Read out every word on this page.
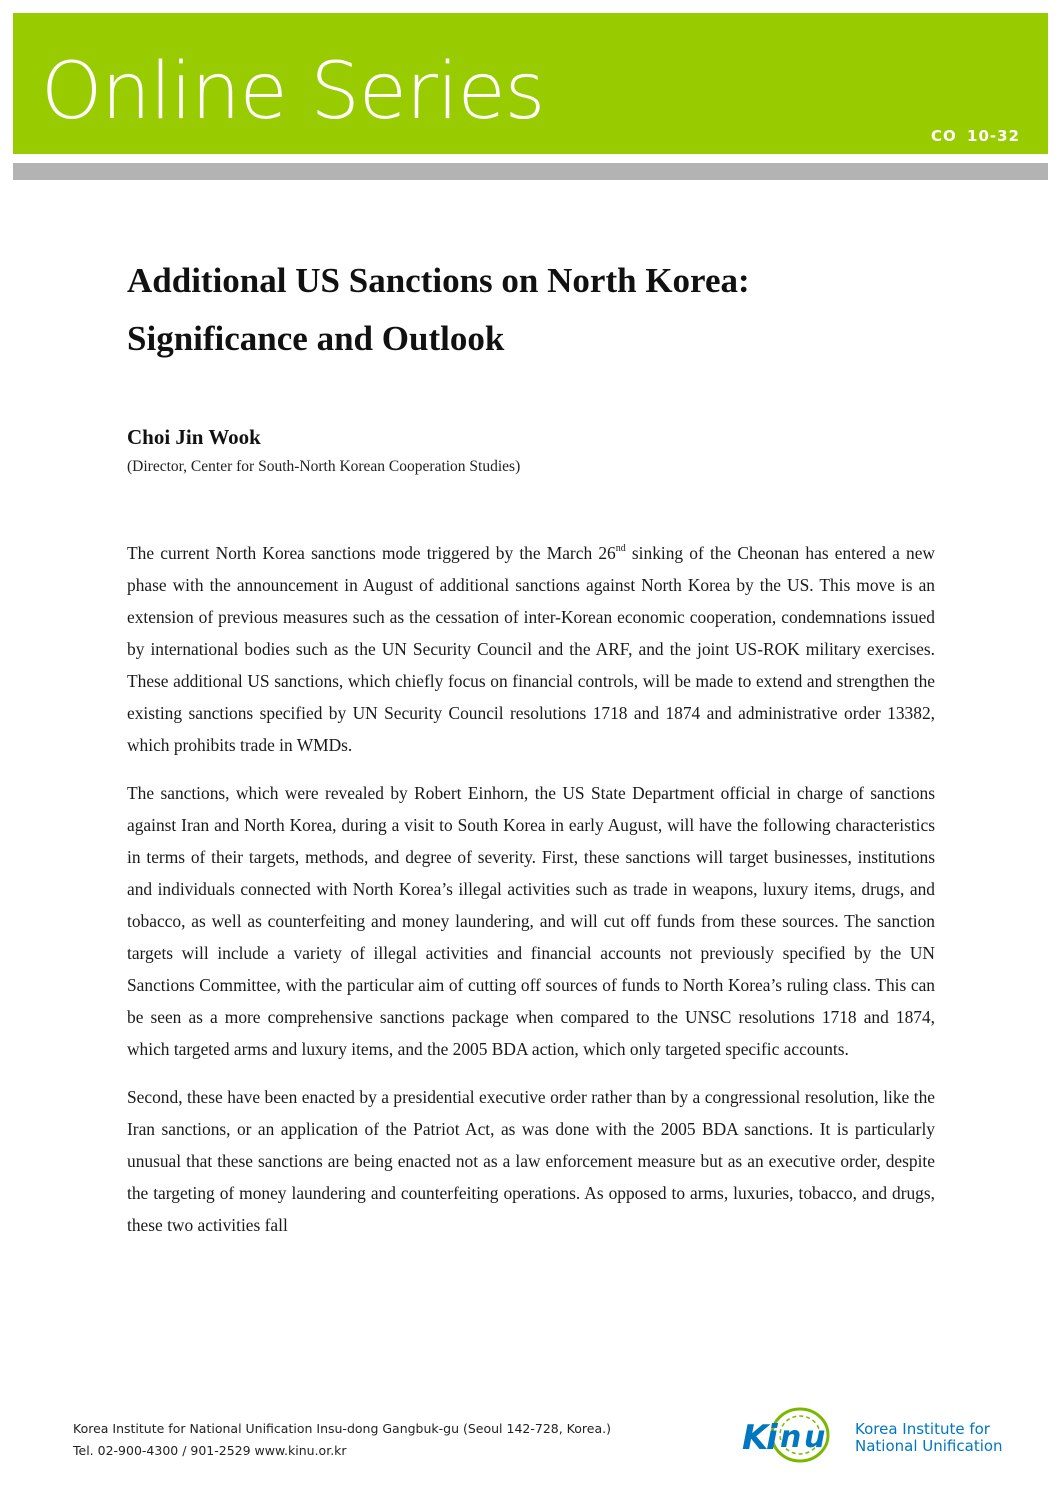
Online Series	CO 10-32
Additional US Sanctions on North Korea:
Significance and Outlook
Choi Jin Wook
(Director, Center for South-North Korean Cooperation Studies)

The current North Korea sanctions mode triggered by the March 26nd sinking of the Cheonan has entered a new phase with the announcement in August of additional sanctions against North Korea by the US. This move is an extension of previous measures such as the cessation of inter-Korean economic cooperation, condemnations issued by international bodies such as the UN Security Council and the ARF, and the joint US-ROK military exercises. These additional US sanctions, which chiefly focus on financial controls, will be made to extend and strengthen the existing sanctions specified by UN Security Council resolutions 1718 and 1874 and administrative order 13382, which prohibits trade in WMDs.

The sanctions, which were revealed by Robert Einhorn, the US State Department official in charge of sanctions against Iran and North Korea, during a visit to South Korea in early August, will have the following characteristics in terms of their targets, methods, and degree of severity. First, these sanctions will target businesses, institutions and individuals connected with North Korea’s illegal activities such as trade in weapons, luxury items, drugs, and tobacco, as well as counterfeiting and money laundering, and will cut off funds from these sources. The sanction targets will include a variety of illegal activities and financial accounts not previously specified by the UN Sanctions Committee, with the particular aim of cutting off sources of funds to North Korea’s ruling class. This can be seen as a more comprehensive sanctions package when compared to the UNSC resolutions 1718 and 1874, which targeted arms and luxury items, and the 2005 BDA action, which only targeted specific accounts.

Second, these have been enacted by a presidential executive order rather than by a congressional resolution, like the Iran sanctions, or an application of the Patriot Act, as was done with the 2005 BDA sanctions. It is particularly unusual that these sanctions are being enacted not as a law enforcement measure but as an executive order, despite the targeting of money laundering and counterfeiting operations. As opposed to arms, luxuries, tobacco, and drugs, these two activities fall

Korea Institute for National Unification Insu-dong Gangbuk-gu (Seoul 142-728, Korea.)
Tel. 02-900-4300 / 901-2529 www.kinu.or.kr	K
i n u Korea Institute for
National Unification
